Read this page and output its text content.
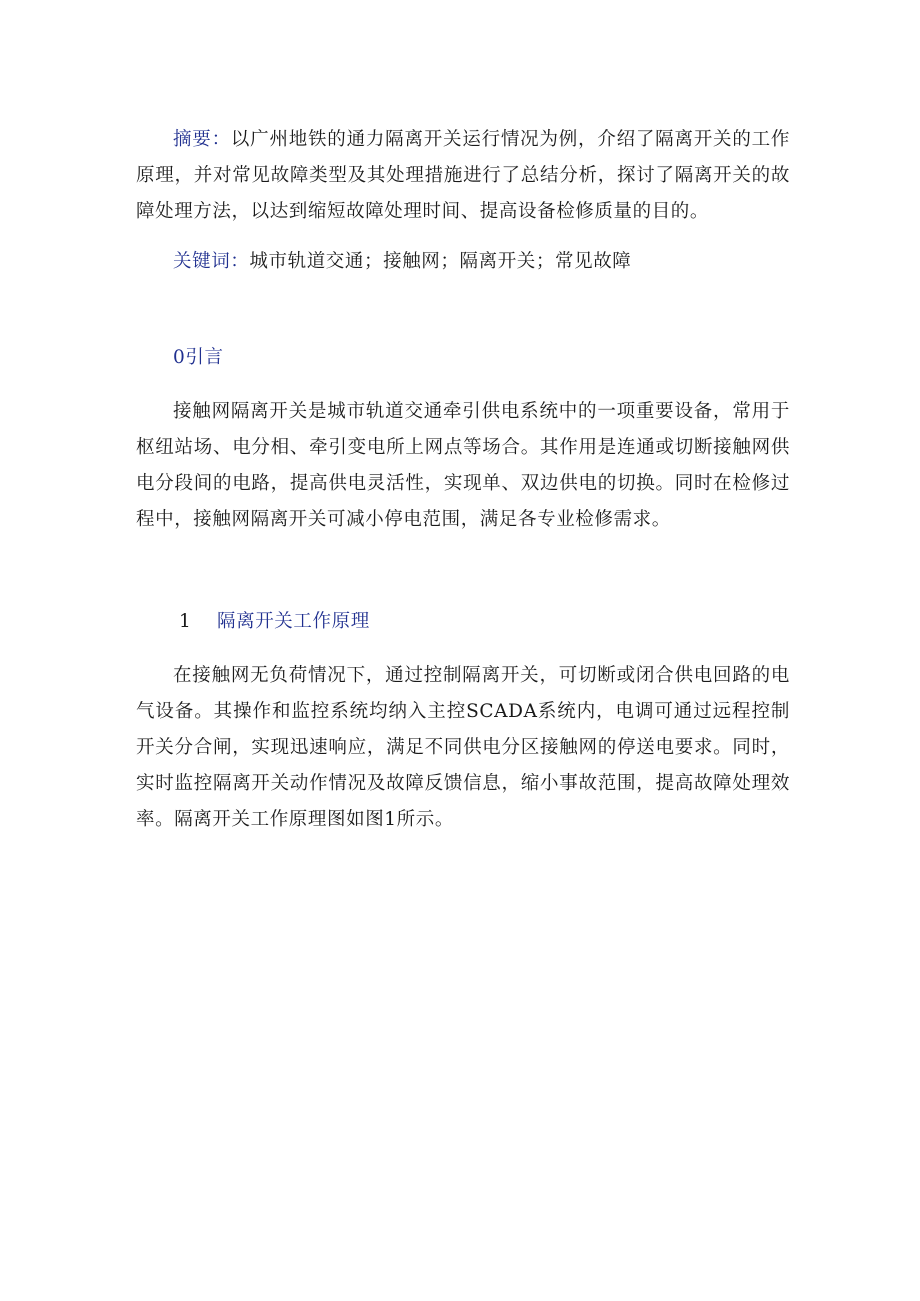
摘要：以广州地铁的通力隔离开关运行情况为例，介绍了隔离开关的工作原理，并对常见故障类型及其处理措施进行了总结分析，探讨了隔离开关的故障处理方法，以达到缩短故障处理时间、提高设备检修质量的目的。

关键词：城市轨道交通；接触网；隔离开关；常见故障

0引言

接触网隔离开关是城市轨道交通牵引供电系统中的一项重要设备，常用于枢纽站场、电分相、牵引变电所上网点等场合。其作用是连通或切断接触网供电分段间的电路，提高供电灵活性，实现单、双边供电的切换。同时在检修过程中，接触网隔离开关可减小停电范围，满足各专业检修需求。

1 隔离开关工作原理

在接触网无负荷情况下，通过控制隔离开关，可切断或闭合供电回路的电气设备。其操作和监控系统均纳入主控SCADA系统内，电调可通过远程控制开关分合闸，实现迅速响应，满足不同供电分区接触网的停送电要求。同时，实时监控隔离开关动作情况及故障反馈信息，缩小事故范围，提高故障处理效率。隔离开关工作原理图如图1所示。
